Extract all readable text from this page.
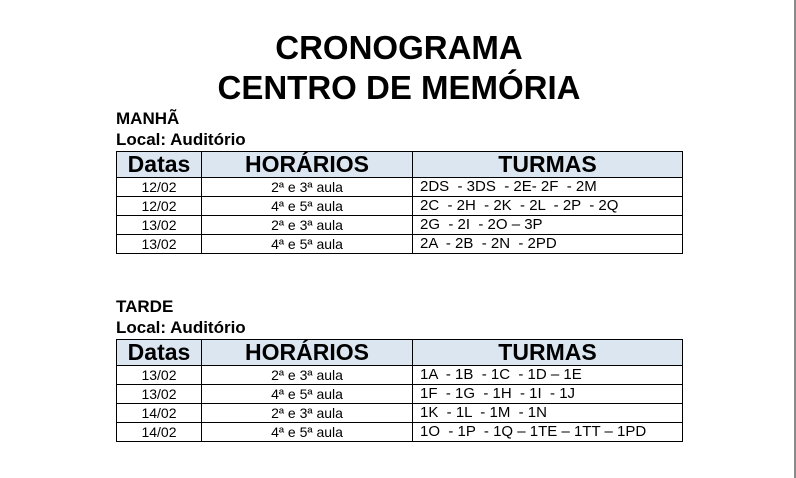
CRONOGRAMA
CENTRO DE MEMÓRIA
MANHÃ
Local: Auditório
Datas	HORÁRIOS	TURMAS
12/02	2ª e 3ª aula	2DS  - 3DS  - 2E- 2F  - 2M
12/02	4ª e 5ª aula	2C  - 2H  - 2K  - 2L  - 2P  - 2Q
13/02	2ª e 3ª aula	2G  - 2I  - 2O – 3P
13/02	4ª e 5ª aula	2A  - 2B  - 2N  - 2PD
TARDE
Local: Auditório
Datas	HORÁRIOS	TURMAS
13/02	2ª e 3ª aula	1A  - 1B  - 1C  - 1D – 1E
13/02	4ª e 5ª aula	1F  - 1G  - 1H  - 1I  - 1J
14/02	2ª e 3ª aula	1K  - 1L  - 1M  - 1N
14/02	4ª e 5ª aula	1O  - 1P  - 1Q – 1TE – 1TT – 1PD
